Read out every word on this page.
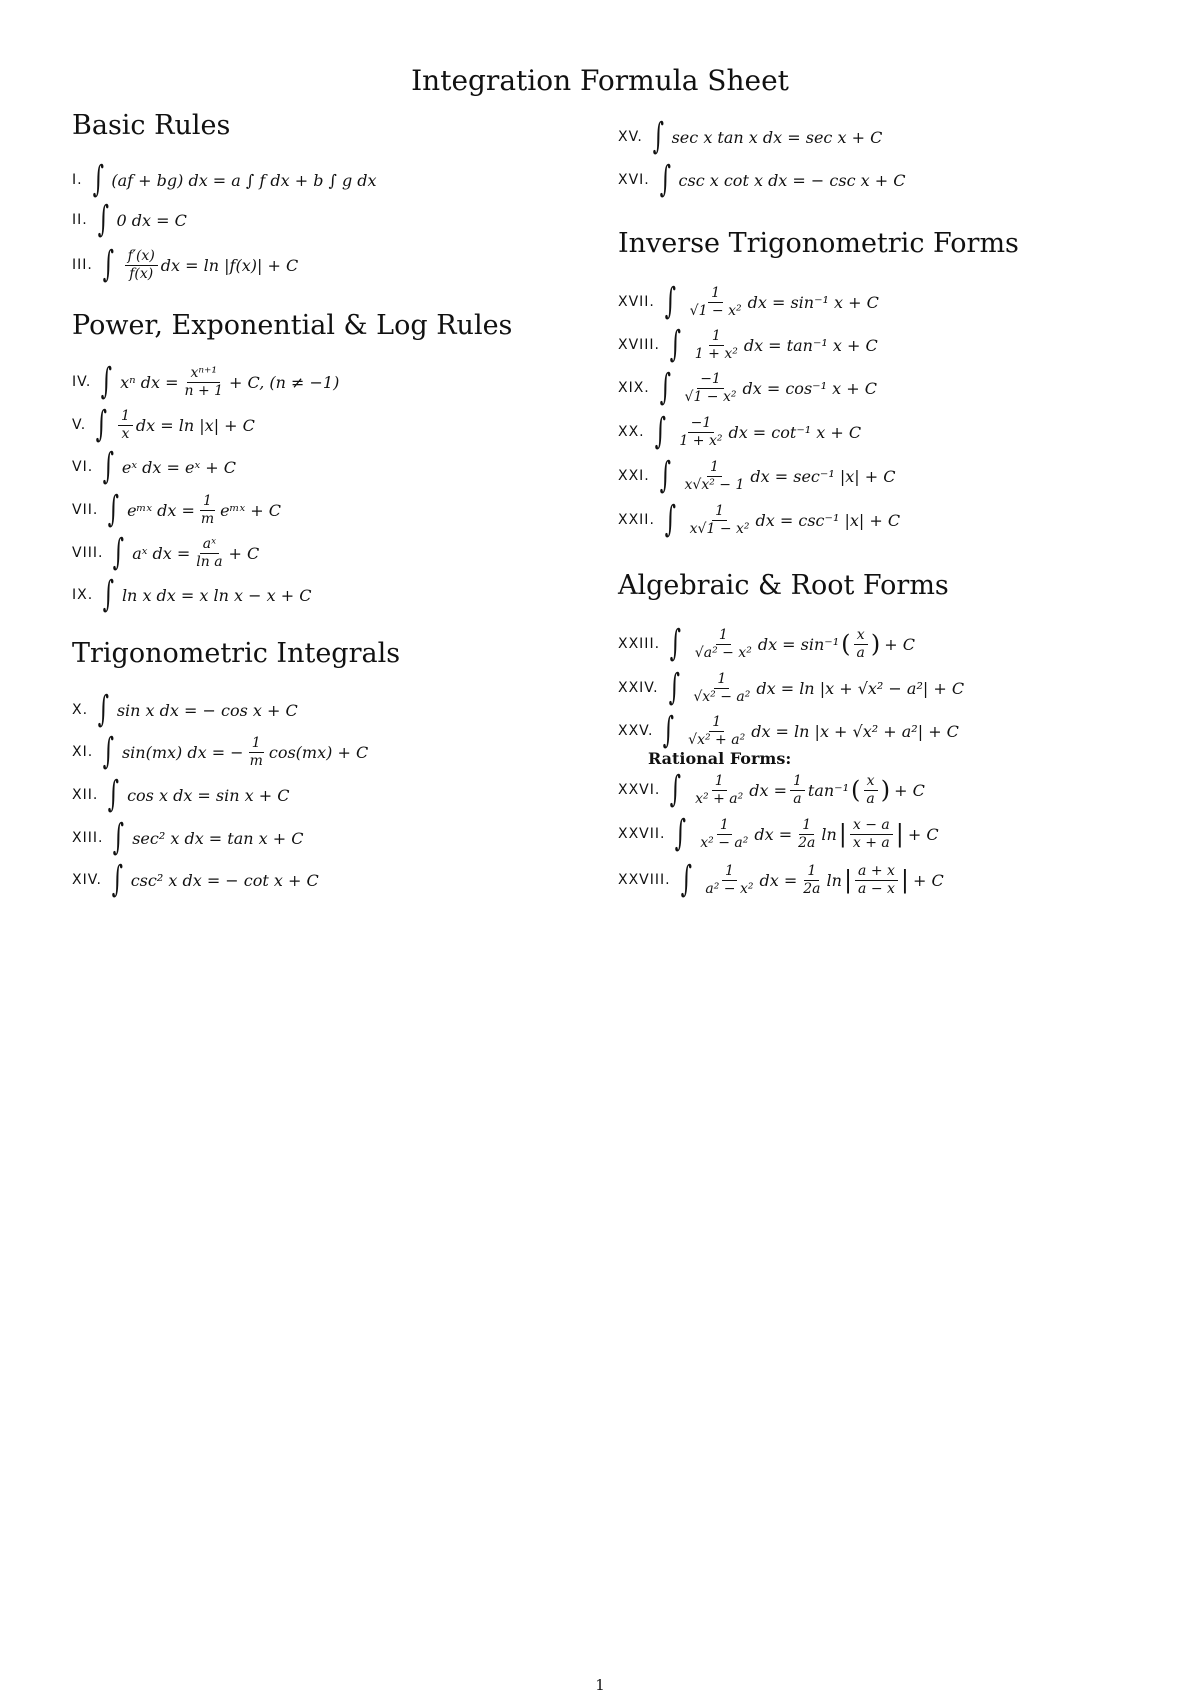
Integration Formula Sheet
Basic Rules
I. ∫ (af + bg) dx = a ∫ f dx + b ∫ g dx
II. ∫ 0 dx = C
III. ∫ f′(x)
f(x) dx = ln |f(x)| + C
Power, Exponential & Log Rules
IV. ∫ xⁿ dx = $\frac{\text{xⁿ⁺¹}}{n + 1} + C$, (n ≠ −1)
V. ∫ 1
x dx = ln |x| + C
VI. ∫ eˣ dx = eˣ + C
VII. ∫ eᵐˣ dx = $\frac{1}{m}$ eᵐˣ + C
VIII. ∫ aˣ dx = $\frac{\text{aˣ}}{\text{ln a}} + C$
IX. ∫ ln x dx = x ln x − x + C
Trigonometric Integrals
X. ∫ sin x dx = − cos x + C
XI. ∫ sin(mx) dx = − $\frac{1}{m} \cos(mx) + C$
XII. ∫ cos x dx = sin x + C
XIII. ∫ sec² x dx = tan x + C
XIV. ∫ csc² x dx = − cot x + C
XV. ∫ sec x tan x dx = sec x + C
XVI. ∫ csc x cot x dx = − csc x + C
Inverse Trigonometric Forms
XVII. ∫	1
√1 − x² dx = sin⁻¹ x + C
XVIII. ∫ 1
1 + x² dx = tan⁻¹ x + C
XIX. ∫ −1
√1 − x² dx = cos⁻¹ x + C
XX. ∫ −1
1 + x² dx = cot⁻¹ x + C
XXI. ∫	1
x√x² − 1 dx = sec⁻¹ |x| + C
XXII. ∫	1
x√1 − x² dx = csc⁻¹ |x| + C
Algebraic & Root Forms
XXIII. ∫	1
√a² − x² dx = sin⁻¹ ( x
a ) + C
XXIV. ∫	1
√x² − a² dx = ln |x + √x² − a²| + C
XXV. ∫	1
√x² + a² dx = ln |x + √x² + a²| + C
Rational Forms:
XXVI. ∫ 1
x² + a² dx = $\frac{1}{a} \tan^{-1}$ ( x
a ) + C
XXVII. ∫ 1
x² − a² dx = $\frac{1}{2a}$ ln | x − a
x + a | + C
XXVIII. ∫ 1
a² − x² dx = $\frac{1}{2a}$ ln | a + x
a − x | + C
1
